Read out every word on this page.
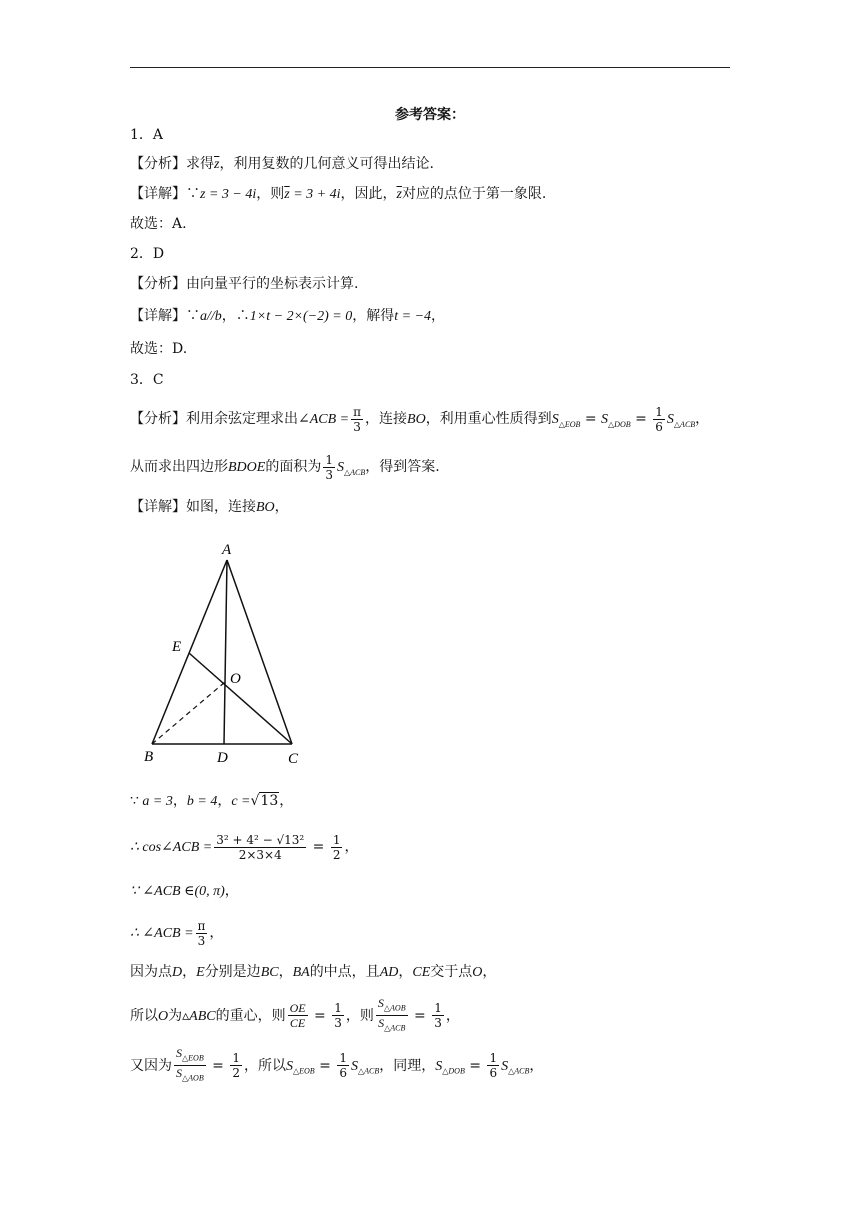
参考答案：
1．A
【分析】求得$\overline{z}$，利用复数的几何意义可得出结论.
【详解】∵z = 3 − 4i，则$\overline{z} = 3 + 4i$，因此，$\overline{z}$对应的点位于第一象限.
故选：A.
2．D
【分析】由向量平行的坐标表示计算.
【详解】∵a//b，∴1×t − 2×(−2) = 0，解得t = −4，
故选：D.
3．C
【分析】利用余弦定理求出∠ACB = $\frac{\pi}{3}$ ，连接BO，利用重心性质得到$S_{\triangle EOB} = S_{\triangle DOB} = \frac{1}{6} S_{\triangle ACB}$，
从而求出四边形BDOE的面积为 $\frac{1}{3} S_{\triangle ACB}$，得到答案.
【详解】如图，连接BO，
A
E
O
B	D	C
∵ a = 3，b = 4，c =√13，
∴ cos∠ACB = $\frac{\text{3² + 4² − √13²}}{2\times 3\times 4} = \frac{1}{2}$ ，
∵ ∠ACB ∈(0, π)，
∴ ∠ACB = $\frac{\pi}{3}$ ，
因为点D，E分别是边BC，BA的中点，且AD，CE交于点O，
所以O为▵ABC的重心，则 $\frac{OE}{CE} = \frac{1}{3}$ ，则 $\frac{S_{\triangle AOB}}{S_{\triangle ACB}} = \frac{1}{3}$ ，
又因为 $\frac{S_{\triangle EOB}}{S_{\triangle AOB}} = \frac{1}{2}$ ，所以$S_{\triangle EOB} = \frac{1}{6} S_{\triangle ACB}$，同理，$S_{\triangle DOB} = \frac{1}{6} S_{\triangle ACB}$，
